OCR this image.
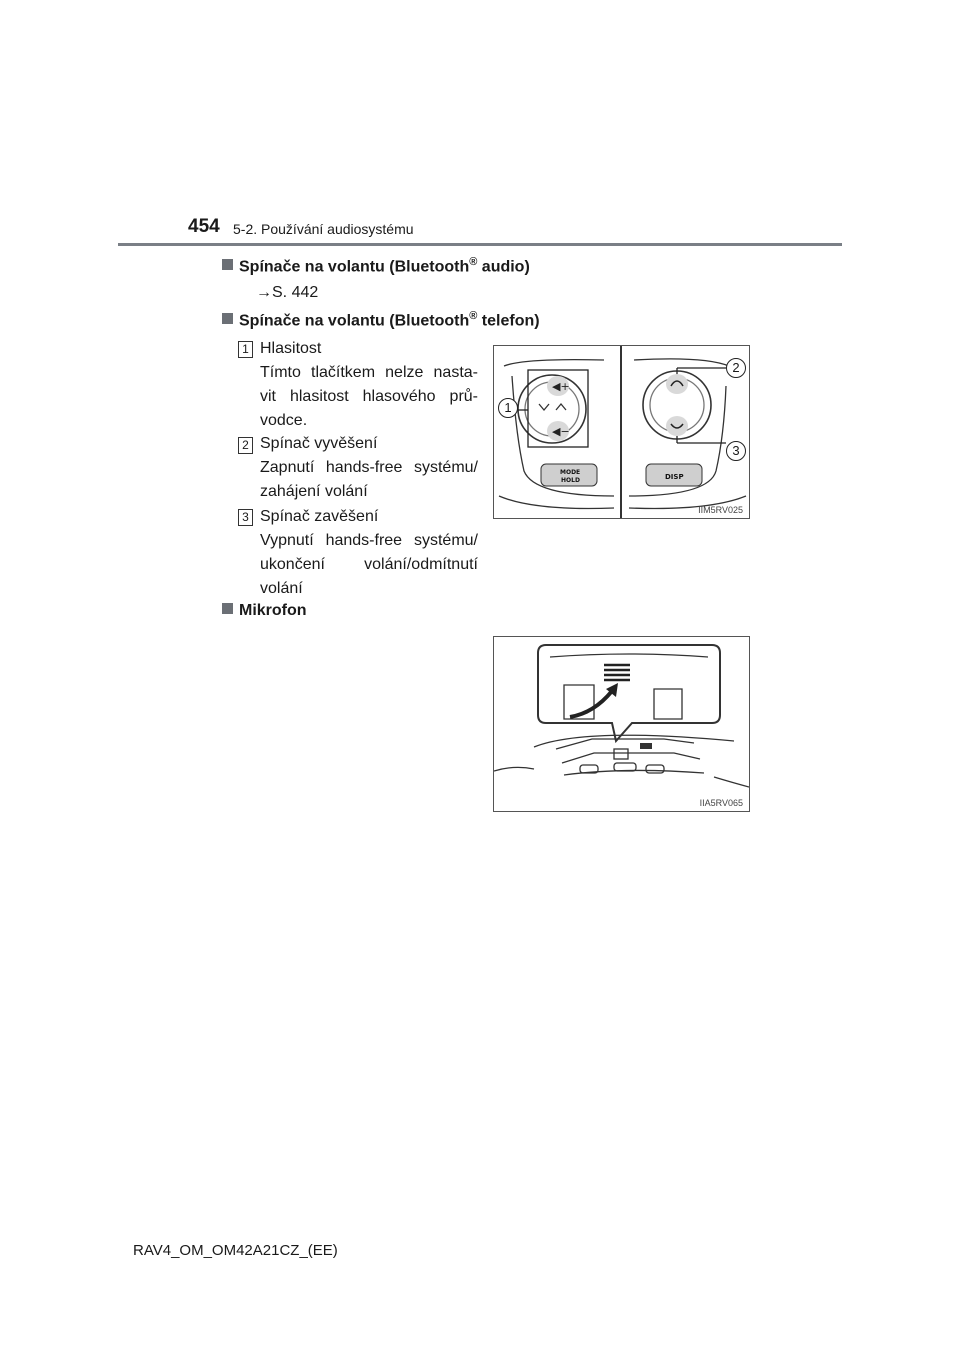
454 5-2. Používání audiosystému
Spínače na volantu (Bluetooth® audio)
→S. 442
Spínače na volantu (Bluetooth® telefon)
1 Hlasitost
Tímto tlačítkem nelze nasta-
vit hlasitost hlasového prů-
vodce.
2 Spínač vyvěšení
Zapnutí hands-free systému/
zahájení volání
3 Spínač zavěšení
Vypnutí hands-free systému/
ukončení volání/odmítnutí
volání
◀+
◀−
MODE
HOLD	DISP
1
2
3
IIM5RV025
Mikrofon
IIA5RV065
RAV4_OM_OM42A21CZ_(EE)
